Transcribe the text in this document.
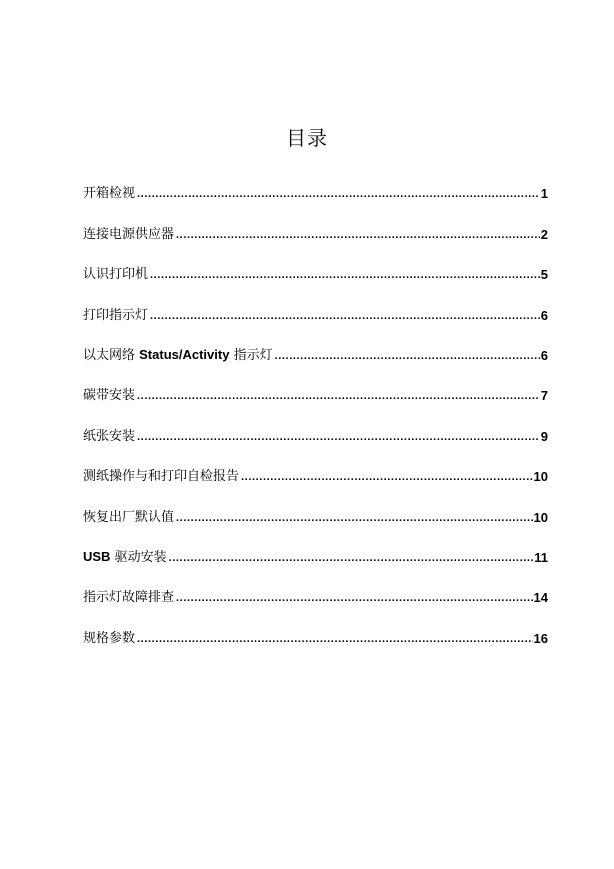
目录
开箱检视 .....	1
连接电源供应器 .....	2
认识打印机 .....	5
打印指示灯 .....	6
以太网络 Status/Activity 指示灯 .....	6
碳带安装 .....	7
纸张安装 .....	9
测纸操作与和打印自检报告 .....	10
恢复出厂默认值 .....	10
USB 驱动安装 .....	11
指示灯故障排查 .....	14
规格参数 .....	16
